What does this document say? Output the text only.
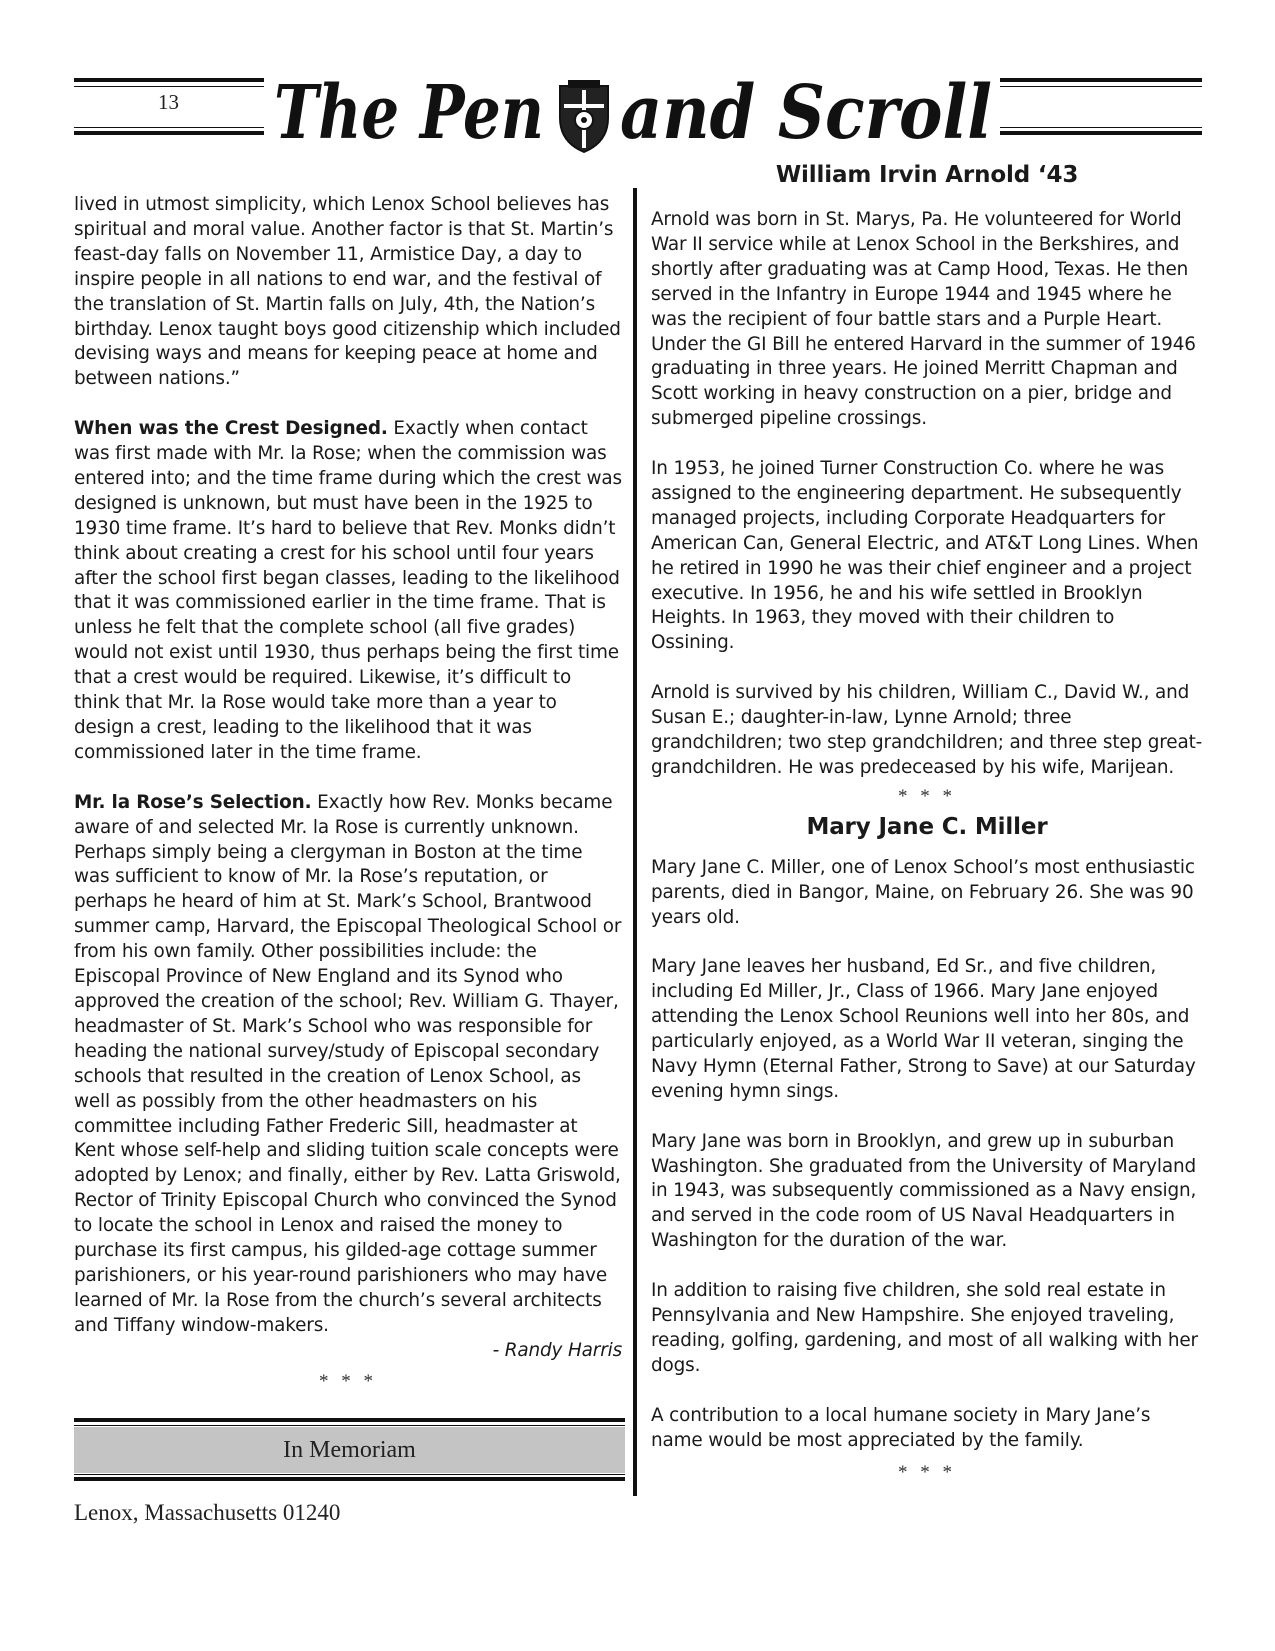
13 The Pen and Scroll

lived in utmost simplicity, which Lenox School believes has spiritual and moral value. Another factor is that St. Martin’s feast-day falls on November 11, Armistice Day, a day to inspire people in all nations to end war, and the festival of the translation of St. Martin falls on July, 4th, the Nation’s birthday. Lenox taught boys good citizenship which included devising ways and means for keeping peace at home and between nations.”

When was the Crest Designed. Exactly when contact was first made with Mr. la Rose; when the commission was entered into; and the time frame during which the crest was designed is unknown, but must have been in the 1925 to 1930 time frame. It’s hard to believe that Rev. Monks didn’t think about creating a crest for his school until four years after the school first began classes, leading to the likelihood that it was commissioned earlier in the time frame. That is unless he felt that the complete school (all five grades) would not exist until 1930, thus perhaps being the first time that a crest would be required. Likewise, it’s difficult to think that Mr. la Rose would take more than a year to design a crest, leading to the likelihood that it was commissioned later in the time frame.

Mr. la Rose’s Selection. Exactly how Rev. Monks became aware of and selected Mr. la Rose is currently unknown. Perhaps simply being a clergyman in Boston at the time was sufficient to know of Mr. la Rose’s reputation, or perhaps he heard of him at St. Mark’s School, Brantwood summer camp, Harvard, the Episcopal Theological School or from his own family. Other possibilities include: the Episcopal Province of New England and its Synod who approved the creation of the school; Rev. William G. Thayer, headmaster of St. Mark’s School who was responsible for heading the national survey/study of Episcopal secondary schools that resulted in the creation of Lenox School, as well as possibly from the other headmasters on his committee including Father Frederic Sill, headmaster at Kent whose self-help and sliding tuition scale concepts were adopted by Lenox; and finally, either by Rev. Latta Griswold, Rector of Trinity Episcopal Church who convinced the Synod to locate the school in Lenox and raised the money to purchase its first campus, his gilded-age cottage summer parishioners, or his year-round parishioners who may have learned of Mr. la Rose from the church’s several architects and Tiffany window-makers.

- Randy Harris

* * *
In Memoriam
William Irvin Arnold ‘43

Arnold was born in St. Marys, Pa. He volunteered for World War II service while at Lenox School in the Berkshires, and shortly after graduating was at Camp Hood, Texas. He then served in the Infantry in Europe 1944 and 1945 where he was the recipient of four battle stars and a Purple Heart. Under the GI Bill he entered Harvard in the summer of 1946 graduating in three years. He joined Merritt Chapman and Scott working in heavy construction on a pier, bridge and submerged pipeline crossings.

In 1953, he joined Turner Construction Co. where he was assigned to the engineering department. He subsequently managed projects, including Corporate Headquarters for American Can, General Electric, and AT&T Long Lines. When he retired in 1990 he was their chief engineer and a project executive. In 1956, he and his wife settled in Brooklyn Heights. In 1963, they moved with their children to Ossining.

Arnold is survived by his children, William C., David W., and Susan E.; daughter-in-law, Lynne Arnold; three grandchildren; two step grandchildren; and three step great-grandchildren. He was predeceased by his wife, Marijean.

* * *
Mary Jane C. Miller

Mary Jane C. Miller, one of Lenox School’s most enthusiastic parents, died in Bangor, Maine, on February 26. She was 90 years old.

Mary Jane leaves her husband, Ed Sr., and five children, including Ed Miller, Jr., Class of 1966. Mary Jane enjoyed attending the Lenox School Reunions well into her 80s, and particularly enjoyed, as a World War II veteran, singing the Navy Hymn (Eternal Father, Strong to Save) at our Saturday evening hymn sings.

Mary Jane was born in Brooklyn, and grew up in suburban Washington. She graduated from the University of Maryland in 1943, was subsequently commissioned as a Navy ensign, and served in the code room of US Naval Headquarters in Washington for the duration of the war.

In addition to raising five children, she sold real estate in Pennsylvania and New Hampshire. She enjoyed traveling, reading, golfing, gardening, and most of all walking with her dogs.

A contribution to a local humane society in Mary Jane’s name would be most appreciated by the family.

* * *
Lenox, Massachusetts 01240
